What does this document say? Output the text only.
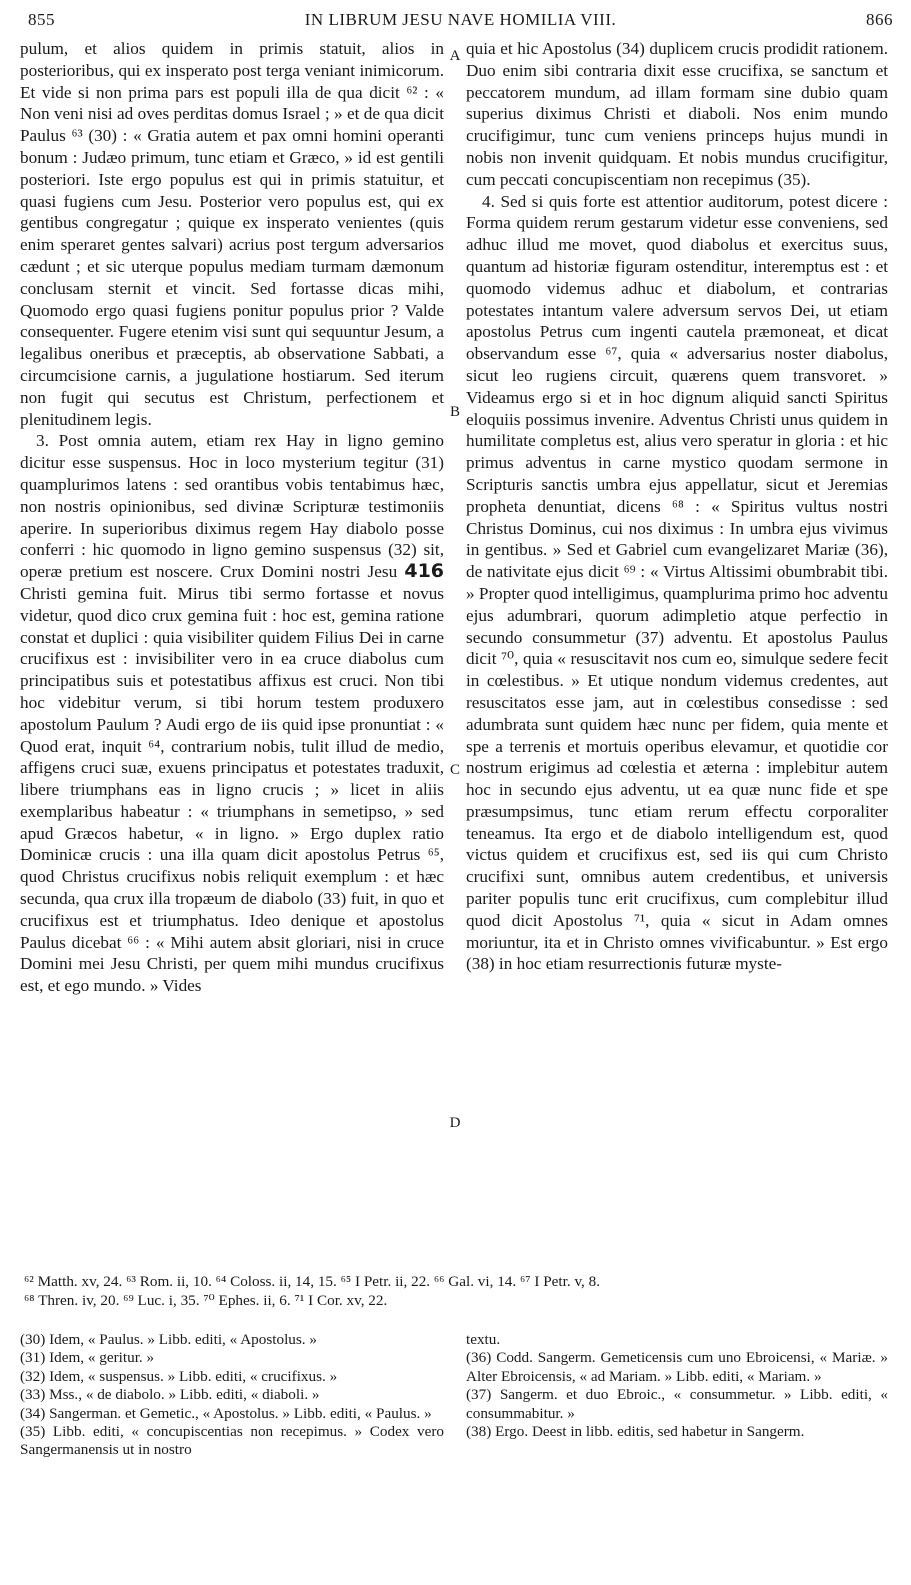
855	IN LIBRUM JESU NAVE HOMILIA VIII.	866

pulum, et alios quidem in primis statuit, alios in posterioribus, qui ex insperato post terga veniant inimicorum. Et vide si non prima pars est populi illa de qua dicit ⁶² : « Non veni nisi ad oves perditas domus Israel ; » et de qua dicit Paulus ⁶³ (30) : « Gratia autem et pax omni homini operanti bonum : Judæo primum, tunc etiam et Græco, » id est gentili posteriori. Iste ergo populus est qui in primis statuitur, et quasi fugiens cum Jesu. Posterior vero populus est, qui ex gentibus congregatur ; quique ex insperato venientes (quis enim speraret gentes salvari) acrius post tergum adversarios cædunt ; et sic uterque populus mediam turmam dæmonum conclusam sternit et vincit. Sed fortasse dicas mihi, Quomodo ergo quasi fugiens ponitur populus prior ? Valde consequenter. Fugere etenim visi sunt qui sequuntur Jesum, a legalibus oneribus et præceptis, ab observatione Sabbati, a circumcisione carnis, a jugulatione hostiarum. Sed iterum non fugit qui secutus est Christum, perfectionem et plenitudinem legis.

3. Post omnia autem, etiam rex Hay in ligno gemino dicitur esse suspensus. Hoc in loco mysterium tegitur (31) quamplurimos latens : sed orantibus vobis tentabimus hæc, non nostris opinionibus, sed divinæ Scripturæ testimoniis aperire. In superioribus diximus regem Hay diabolo posse conferri : hic quomodo in ligno gemino suspensus (32) sit, operæ pretium est noscere. Crux Domini nostri Jesu 416 Christi gemina fuit. Mirus tibi sermo fortasse et novus videtur, quod dico crux gemina fuit : hoc est, gemina ratione constat et duplici : quia visibiliter quidem Filius Dei in carne crucifixus est : invisibiliter vero in ea cruce diabolus cum principatibus suis et potestatibus affixus est cruci. Non tibi hoc videbitur verum, si tibi horum testem produxero apostolum Paulum ? Audi ergo de iis quid ipse pronuntiat : « Quod erat, inquit ⁶⁴, contrarium nobis, tulit illud de medio, affigens cruci suæ, exuens principatus et potestates traduxit, libere triumphans eas in ligno crucis ; » licet in aliis exemplaribus habeatur : « triumphans in semetipso, » sed apud Græcos habetur, « in ligno. » Ergo duplex ratio Dominicæ crucis : una illa quam dicit apostolus Petrus ⁶⁵, quod Christus crucifixus nobis reliquit exemplum : et hæc secunda, qua crux illa tropæum de diabolo (33) fuit, in quo et crucifixus est et triumphatus. Ideo denique et apostolus Paulus dicebat ⁶⁶ : « Mihi autem absit gloriari, nisi in cruce Domini mei Jesu Christi, per quem mihi mundus crucifixus est, et ego mundo. » Vides

A
B
C
D

quia et hic Apostolus (34) duplicem crucis prodidit rationem. Duo enim sibi contraria dixit esse crucifixa, se sanctum et peccatorem mundum, ad illam formam sine dubio quam superius diximus Christi et diaboli. Nos enim mundo crucifigimur, tunc cum veniens princeps hujus mundi in nobis non invenit quidquam. Et nobis mundus crucifigitur, cum peccati concupiscentiam non recepimus (35).

4. Sed si quis forte est attentior auditorum, potest dicere : Forma quidem rerum gestarum videtur esse conveniens, sed adhuc illud me movet, quod diabolus et exercitus suus, quantum ad historiæ figuram ostenditur, interemptus est : et quomodo videmus adhuc et diabolum, et contrarias potestates intantum valere adversum servos Dei, ut etiam apostolus Petrus cum ingenti cautela præmoneat, et dicat observandum esse ⁶⁷, quia « adversarius noster diabolus, sicut leo rugiens circuit, quærens quem transvoret. » Videamus ergo si et in hoc dignum aliquid sancti Spiritus eloquiis possimus invenire. Adventus Christi unus quidem in humilitate completus est, alius vero speratur in gloria : et hic primus adventus in carne mystico quodam sermone in Scripturis sanctis umbra ejus appellatur, sicut et Jeremias propheta denuntiat, dicens ⁶⁸ : « Spiritus vultus nostri Christus Dominus, cui nos diximus : In umbra ejus vivimus in gentibus. » Sed et Gabriel cum evangelizaret Mariæ (36), de nativitate ejus dicit ⁶⁹ : « Virtus Altissimi obumbrabit tibi. » Propter quod intelligimus, quamplurima primo hoc adventu ejus adumbrari, quorum adimpletio atque perfectio in secundo consummetur (37) adventu. Et apostolus Paulus dicit ⁷⁰, quia « resuscitavit nos cum eo, simulque sedere fecit in cœlestibus. » Et utique nondum videmus credentes, aut resuscitatos esse jam, aut in cœlestibus consedisse : sed adumbrata sunt quidem hæc nunc per fidem, quia mente et spe a terrenis et mortuis operibus elevamur, et quotidie cor nostrum erigimus ad cœlestia et æterna : implebitur autem hoc in secundo ejus adventu, ut ea quæ nunc fide et spe præsumpsimus, tunc etiam rerum effectu corporaliter teneamus. Ita ergo et de diabolo intelligendum est, quod victus quidem et crucifixus est, sed iis qui cum Christo crucifixi sunt, omnibus autem credentibus, et universis pariter populis tunc erit crucifixus, cum complebitur illud quod dicit Apostolus ⁷¹, quia « sicut in Adam omnes moriuntur, ita et in Christo omnes vivificabuntur. » Est ergo (38) in hoc etiam resurrectionis futuræ myste-

⁶² Matth. xv, 24. ⁶³ Rom. ii, 10. ⁶⁴ Coloss. ii, 14, 15. ⁶⁵ I Petr. ii, 22. ⁶⁶ Gal. vi, 14. ⁶⁷ I Petr. v, 8.
⁶⁸ Thren. iv, 20. ⁶⁹ Luc. i, 35. ⁷⁰ Ephes. ii, 6. ⁷¹ I Cor. xv, 22.

(30) Idem, « Paulus. » Libb. editi, « Apostolus. »

(31) Idem, « geritur. »

(32) Idem, « suspensus. » Libb. editi, « crucifixus. »

(33) Mss., « de diabolo. » Libb. editi, « diaboli. »

(34) Sangerman. et Gemetic., « Apostolus. » Libb. editi, « Paulus. »

(35) Libb. editi, « concupiscentias non recepimus. » Codex vero Sangermanensis ut in nostro

textu.

(36) Codd. Sangerm. Gemeticensis cum uno Ebroicensi, « Mariæ. » Alter Ebroicensis, « ad Mariam. » Libb. editi, « Mariam. »

(37) Sangerm. et duo Ebroic., « consummetur. » Libb. editi, « consummabitur. »

(38) Ergo. Deest in libb. editis, sed habetur in Sangerm.
